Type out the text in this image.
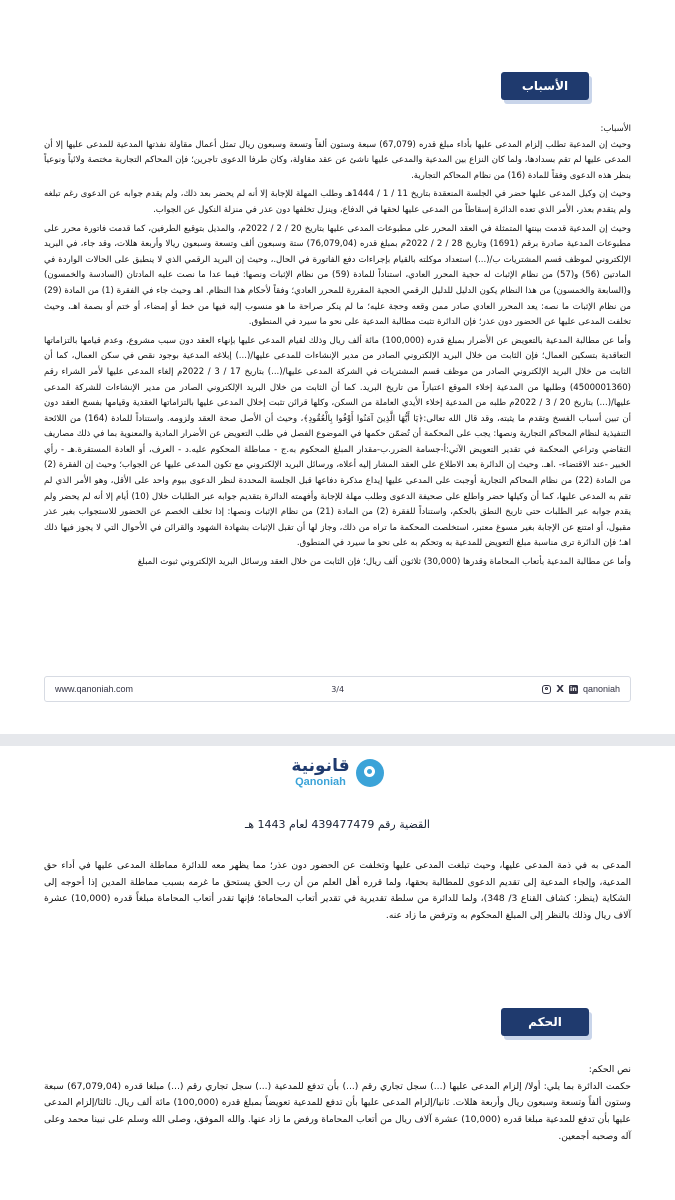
الأسباب

الأسباب:

وحيث إن المدعية تطلب إلزام المدعى عليها بأداء مبلغ قدره (67,079) سبعة وستون ألفاً وتسعة وسبعون ريال تمثل أعمال مقاولة نفذتها المدعية للمدعى عليها إلا أن المدعى عليها لم تقم بسدادها، ولما كان النزاع بين المدعية والمدعى عليها ناشئ عن عقد مقاولة، وكان طرفا الدعوى تاجرين؛ فإن المحاكم التجارية مختصة ولائياً ونوعياً بنظر هذه الدعوى وفقاً للمادة (16) من نظام المحاكم التجارية.

وحيث إن وكيل المدعى عليها حضر في الجلسة المنعقدة بتاريخ 11 / 1 / 1444هـ وطلب المهلة للإجابة إلا أنه لم يحضر بعد ذلك، ولم يقدم جوابه عن الدعوى رغم تبلغه ولم يتقدم بعذر، الأمر الذي تعده الدائرة إسقاطاً من المدعى عليها لحقها في الدفاع، وينزل تخلفها دون عذر في منزلة النكول عن الجواب.

وحيث إن المدعية قدمت بينتها المتمثلة في العقد المحرر على مطبوعات المدعى عليها بتاريخ 20 / 2 / 2022م، والمذيل بتوقيع الطرفين، كما قدمت فاتورة محرر على مطبوعات المدعية صادرة برقم (1691) وتاريخ 28 / 2 / 2022م بمبلغ قدره (76,079,04) ستة وسبعون ألف وتسعة وسبعون ريالا وأربعة هللات، وقد جاء، في البريد الإلكتروني لموظف قسم المشتريات ب/(...) استعداد موكلته بالقيام بإجراءات دفع الفاتورة في الحال.، وحيث إن البريد الرقمي الذي لا ينطبق على الحالات الواردة في المادتين (56) و(57) من نظام الإثبات له حجية المحرر العادي، استناداً للمادة (59) من نظام الإثبات ونصها: فيما عدا ما نصت عليه المادتان (السادسة والخمسون) و(السابعة والخمسون) من هذا النظام يكون الدليل للدليل الرقمي الحجية المقررة للمحرر العادي؛ وفقاً لأحكام هذا النظام. اهـ وحيث جاء في الفقرة (1) من المادة (29) من نظام الإثبات ما نصه: يعد المحرر العادي صادر ممن وقعه وحجة عليه؛ ما لم ينكر صراحة ما هو منسوب إليه فيها من خط أو إمضاء، أو ختم أو بصمة اهـ، وحيث تخلفت المدعى عليها عن الحضور دون عذر؛ فإن الدائرة تثبت مطالبة المدعية على نحو ما سيرد في المنطوق.

وأما عن مطالبة المدعية بالتعويض عن الأضرار بمبلغ قدره (100,000) مائة ألف ريال وذلك لقيام المدعى عليها بإنهاء العقد دون سبب مشروع، وعدم قيامها بالتزاماتها التعاقدية بتسكين العمال؛ فإن الثابت من خلال البريد الإلكتروني الصادر من مدير الإنشاءات للمدعى عليها/(...) إبلاغه المدعية بوجود نقص في سكن العمال، كما أن الثابت من خلال البريد الإلكتروني الصادر من موظف قسم المشتريات في الشركة المدعى عليها/(...) بتاريخ 17 / 3 / 2022م إلغاء المدعى عليها لأمر الشراء رقم (4500001360) وطلبها من المدعية إخلاء الموقع اعتباراً من تاريخ البريد. كما أن الثابت من خلال البريد الإلكتروني الصادر من مدير الإنشاءات للشركة المدعى عليها/(...) بتاريخ 20 / 3 / 2022م طلبه من المدعية إخلاء الأيدي العاملة من السكن، وكلها قرائن تثبت إخلال المدعى عليها بالتزاماتها العقدية وقيامها بفسخ العقد دون أن تبين أسباب الفسخ وتقدم ما يثبته، وقد قال الله تعالى:﴿يَا أَيُّهَا الَّذِينَ آمَنُوا أَوْفُوا بِالْعُقُودِ﴾، وحيث أن الأصل صحة العقد ولزومه. واستناداً للمادة (164) من اللائحة التنفيذية لنظام المحاكم التجارية ونصها: يجب على المحكمة أن تُضمّن حكمها في الموضوع الفصل في طلب التعويض عن الأضرار المادية والمعنوية بما في ذلك مصاريف التقاضي وتراعي المحكمة في تقدير التعويض الآتي:أ-جسامة الضرر.ب-مقدار المبلغ المحكوم به.ج - مماطلة المحكوم عليه.د - العرف، أو العادة المستقرة.هـ - رأي الخبير -عند الاقتضاء- .اهـ. وحيث إن الدائرة بعد الاطلاع على العقد المشار إليه أعلاه، ورسائل البريد الإلكتروني مع تكون المدعى عليها عن الجواب؛ وحيث إن الفقرة (2) من المادة (22) من نظام المحاكم التجارية أوجبت على المدعى عليها إيداع مذكرة دفاعها قبل الجلسة المحددة لنظر الدعوى بيوم واحد على الأقل، وهو الأمر الذي لم تقم به المدعى عليها، كما أن وكيلها حضر واطلع على صحيفة الدعوى وطلب مهلة للإجابة وأفهمته الدائرة بتقديم جوابه عبر الطلبات خلال (10) أيام إلا أنه لم يحضر ولم يقدم جوابه عبر الطلبات حتى تاريخ النطق بالحكم، واستناداً للفقرة (2) من المادة (21) من نظام الإثبات ونصها: إذا تخلف الخصم عن الحضور للاستجواب بغير عذر مقبول، أو امتنع عن الإجابة بغير مسوغ معتبر، استخلصت المحكمة ما تراه من ذلك، وجاز لها أن تقبل الإثبات بشهادة الشهود والقرائن في الأحوال التي لا يجوز فيها ذلك اهـ؛ فإن الدائرة ترى مناسبة مبلغ التعويض للمدعية به وتحكم به على نحو ما سيرد في المنطوق.

وأما عن مطالبة المدعية بأتعاب المحاماة وقدرها (30,000) ثلاثون ألف ريال؛ فإن الثابت من خلال العقد ورسائل البريد الإلكتروني ثبوت المبلغ

www.qanoniah.com	3/4	X in qanoniah
قانونية
Qanoniah
القضية رقم 439477479 لعام 1443 هـ

المدعى به في ذمة المدعى عليها، وحيث تبلغت المدعى عليها وتخلفت عن الحضور دون عذر؛ مما يظهر معه للدائرة مماطلة المدعى عليها في أداء حق المدعية، وإلجاء المدعية إلى تقديم الدعوى للمطالبة بحقها، ولما قرره أهل العلم من أن رب الحق يستحق ما غرمه بسبب مماطلة المدين إذا أحوجه إلى الشكاية (ينظر: كشاف القناع 3/ 348)، ولما للدائرة من سلطة تقديرية في تقدير أتعاب المحاماة؛ فإنها تقدر أتعاب المحاماة مبلغاً قدره (10,000) عشرة آلاف ريال وذلك بالنظر إلى المبلغ المحكوم به وترفض ما زاد عنه.

الحكم

نص الحكم:

حكمت الدائرة بما يلي: أولا/ إلزام المدعى عليها (...) سجل تجاري رقم (...) بأن تدفع للمدعية (...) سجل تجاري رقم (...) مبلغا قدره (67,079,04) سبعة وستون ألفاً وتسعة وسبعون ريال وأربعة هللات. ثانيا/إلزام المدعى عليها بأن تدفع للمدعية تعويضاً بمبلغ قدره (100,000) مائة ألف ريال. ثالثا/إلزام المدعى عليها بأن تدفع للمدعية مبلغا قدره (10,000) عشرة آلاف ريال من أتعاب المحاماة ورفض ما زاد عنها. والله الموفق، وصلى الله وسلم على نبينا محمد وعلى آله وصحبه أجمعين.
